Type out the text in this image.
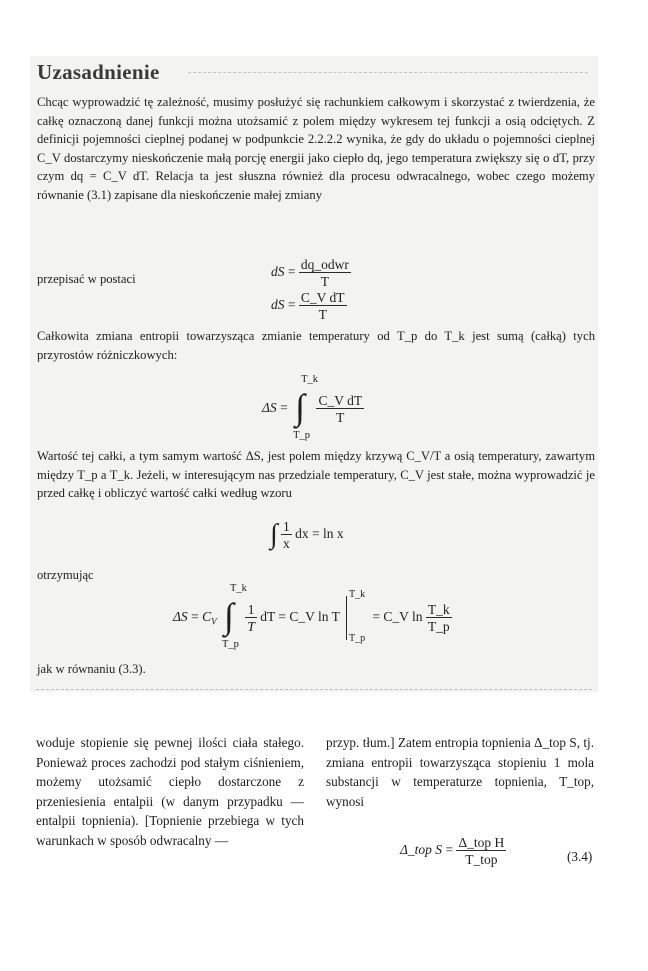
Uzasadnienie

Chcąc wyprowadzić tę zależność, musimy posłużyć się rachunkiem całkowym i skorzystać z twierdzenia, że całkę oznaczoną danej funkcji można utożsamić z polem między wykresem tej funkcji a osią odciętych. Z definicji pojemności cieplnej podanej w podpunkcie 2.2.2.2 wynika, że gdy do układu o pojemności cieplnej C_V dostarczymy nieskończenie małą porcję energii jako ciepło dq, jego temperatura zwiększy się o dT, przy czym dq = C_V dT. Relacja ta jest słuszna również dla procesu odwracalnego, wobec czego możemy równanie (3.1) zapisane dla nieskończenie małej zmiany

dS = $\frac{\text{dq\_odwr}}{T}$

przepisać w postaci

dS = $\frac{\text{C\_V dT}}{T}$

Całkowita zmiana entropii towarzysząca zmianie temperatury od T_p do T_k jest sumą (całką) tych przyrostów różniczkowych:

ΔS =
T_k
∫
T_p

$\frac{\text{C\_V dT}}{T}$

Wartość tej całki, a tym samym wartość ΔS, jest polem między krzywą C_V/T a osią temperatury, zawartym między T_p a T_k. Jeżeli, w interesującym nas przedziale temperatury, C_V jest stałe, można wyprowadzić je przed całkę i obliczyć wartość całki według wzoru

∫ $\frac{1}{x}$ dx = ln x

otrzymując

$\Delta S = C_V$
T_k
∫
T_p

$\frac{1}{T}$ dT = C_V ln T
T_k
T_p
= C_V $\ln \frac{T\_k}{T\_p}$

jak w równaniu (3.3).

woduje stopienie się pewnej ilości ciała stałego. Ponieważ proces zachodzi pod stałym ciśnieniem, możemy utożsamić ciepło dostarczone z przeniesienia entalpii (w danym przypadku — entalpii topnienia). [Topnienie przebiega w tych warunkach w sposób odwracalny —

przyp. tłum.] Zatem entropia topnienia Δ_top S, tj. zmiana entropii towarzysząca stopieniu 1 mola substancji w temperaturze topnienia, T_top, wynosi

Δ_top $S = \frac{\text{Δ\_top H}}{\text{T\_top}}$	(3.4)
